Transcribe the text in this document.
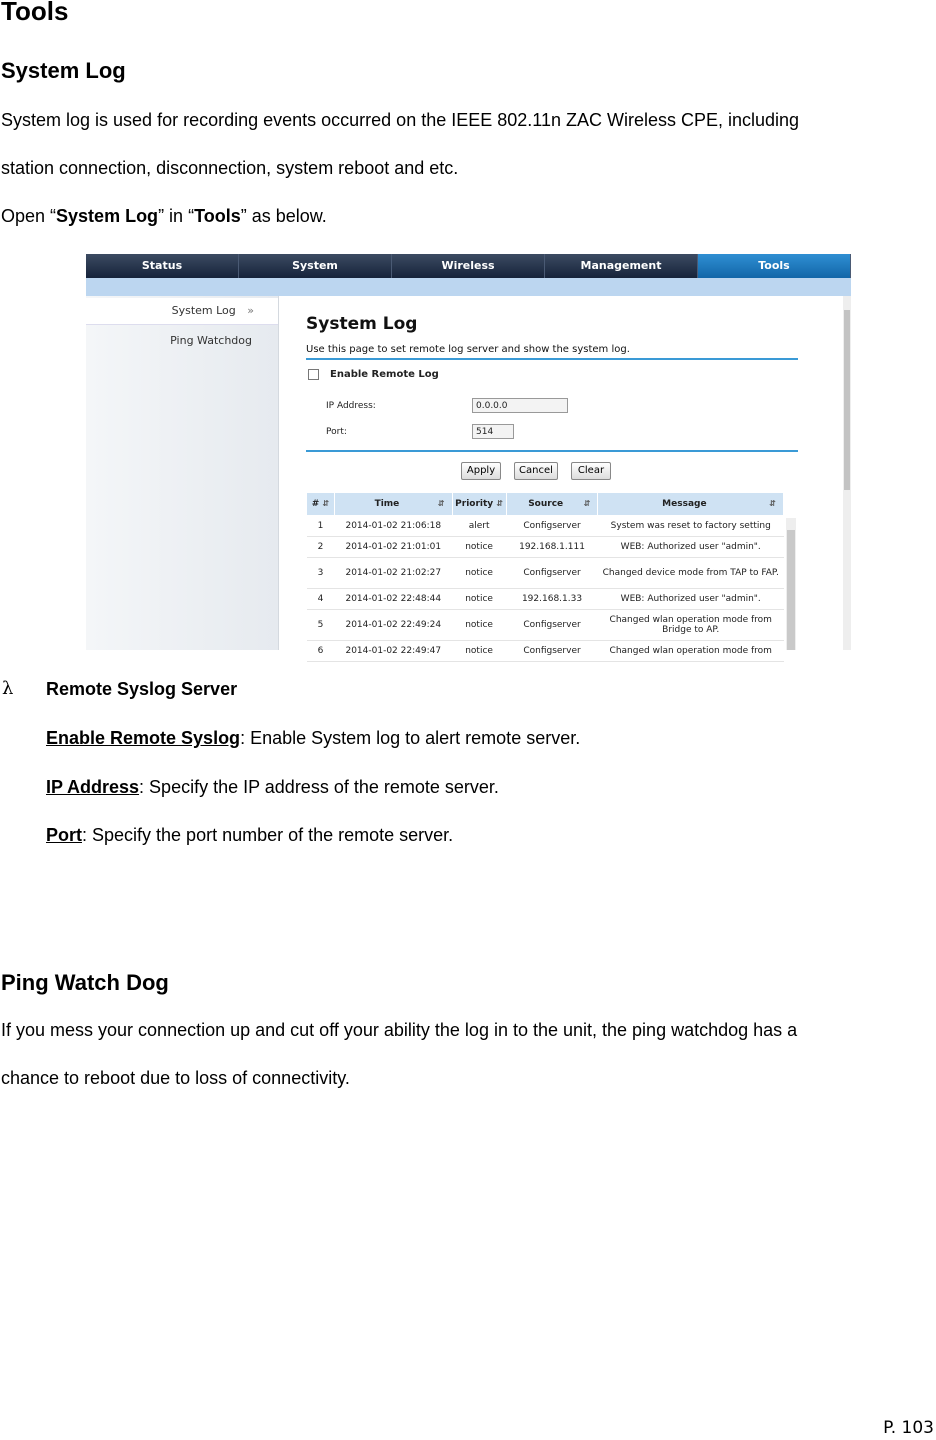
Tools
System Log
System log is used for recording events occurred on the IEEE 802.11n ZAC Wireless CPE, including
station connection, disconnection, system reboot and etc.
Open “System Log” in “Tools” as below.
Status	System	Wireless	Management	Tools
System Log »
Ping Watchdog
System Log
Use this page to set remote log server and show the system log.
Enable Remote Log
IP Address:	0.0.0.0
Port:	514
Apply	Cancel	Clear
# ⇵	Time ⇵	Priority ⇵	Source ⇵	Message ⇵

1	2014-01-02 21:06:18	alert	Configserver	System was reset to factory setting
2	2014-01-02 21:01:01	notice	192.168.1.111	WEB: Authorized user "admin".
3	2014-01-02 21:02:27	notice	Configserver	Changed device mode from TAP to FAP.
4	2014-01-02 22:48:44	notice	192.168.1.33	WEB: Authorized user "admin".
5	2014-01-02 22:49:24	notice	Configserver	Changed wlan operation mode from Bridge to AP.
6	2014-01-02 22:49:47	notice	Configserver	Changed wlan operation mode from
λ Remote Syslog Server
Enable Remote Syslog: Enable System log to alert remote server.
IP Address: Specify the IP address of the remote server.
Port: Specify the port number of the remote server.
Ping Watch Dog
If you mess your connection up and cut off your ability the log in to the unit, the ping watchdog has a
chance to reboot due to loss of connectivity.
P. 103
